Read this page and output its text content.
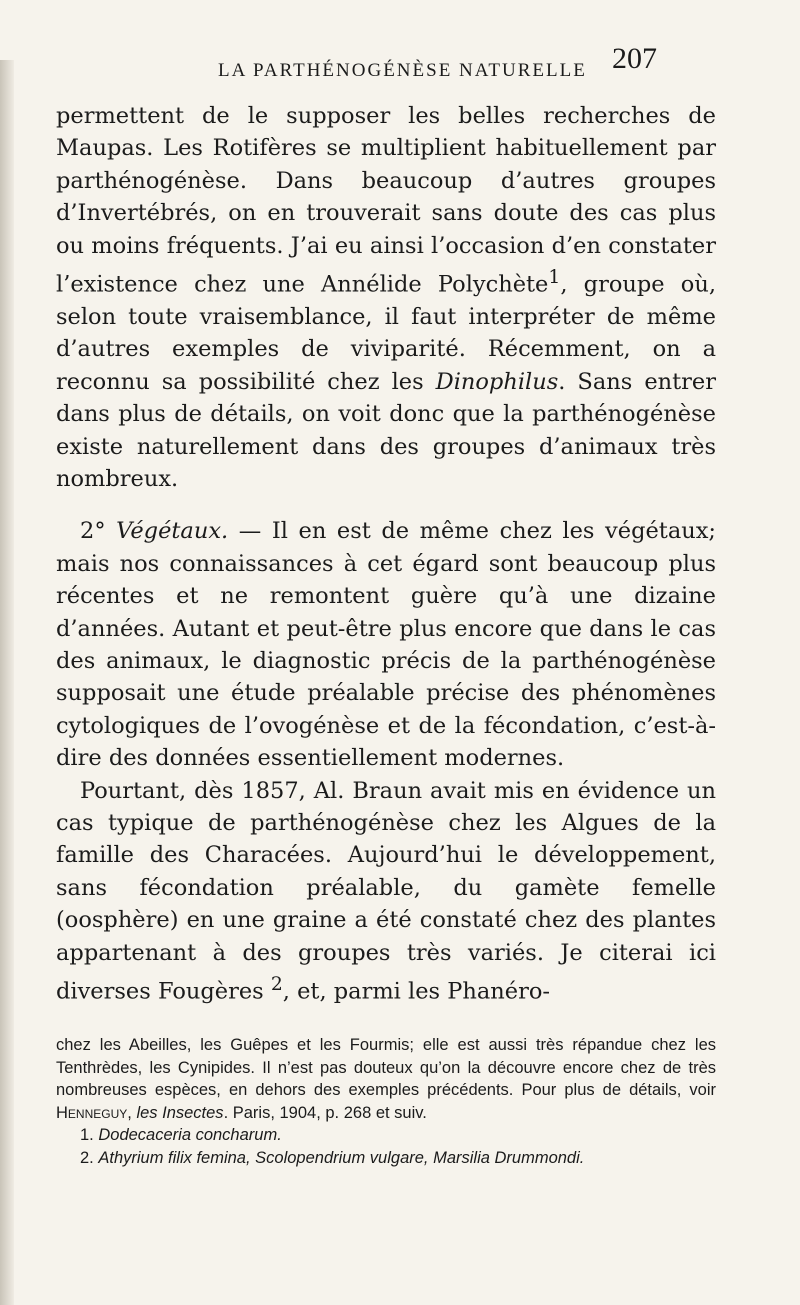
LA PARTHÉNOGÉNÈSE NATURELLE 207

permettent de le supposer les belles recherches de Maupas. Les Rotifères se multiplient habituellement par parthénogénèse. Dans beaucoup d’autres groupes d’Invertébrés, on en trouverait sans doute des cas plus ou moins fréquents. J’ai eu ainsi l’occasion d’en constater l’existence chez une Annélide Polychète$^1$, groupe où, selon toute vraisemblance, il faut interpréter de même d’autres exemples de viviparité. Récemment, on a reconnu sa possibilité chez les Dinophilus. Sans entrer dans plus de détails, on voit donc que la parthénogénèse existe naturellement dans des groupes d’animaux très nombreux.

2° Végétaux. — Il en est de même chez les végétaux; mais nos connaissances à cet égard sont beaucoup plus récentes et ne remontent guère qu’à une dizaine d’années. Autant et peut-être plus encore que dans le cas des animaux, le diagnostic précis de la parthénogénèse supposait une étude préalable précise des phénomènes cytologiques de l’ovogénèse et de la fécondation, c’est-à-dire des données essentiellement modernes.

Pourtant, dès 1857, Al. Braun avait mis en évidence un cas typique de parthénogénèse chez les Algues de la famille des Characées. Aujourd’hui le développement, sans fécondation préalable, du gamète femelle (oosphère) en une graine a été constaté chez des plantes appartenant à des groupes très variés. Je citerai ici diverses Fougères $^2$, et, parmi les Phanéro-

chez les Abeilles, les Guêpes et les Fourmis; elle est aussi très répandue chez les Tenthrèdes, les Cynipides. Il n’est pas douteux qu’on la découvre encore chez de très nombreuses espèces, en dehors des exemples précédents. Pour plus de détails, voir Henneguy, les Insectes. Paris, 1904, p. 268 et suiv.

1. Dodecaceria concharum.

2. Athyrium filix femina, Scolopendrium vulgare, Marsilia Drummondi.
